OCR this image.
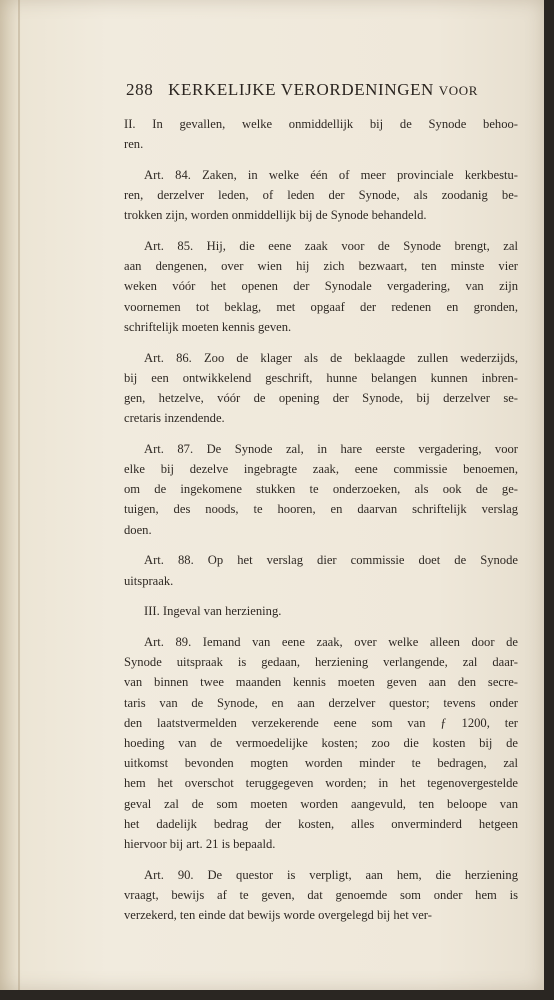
288 KERKELIJKE VERORDENINGEN VOOR
II. In gevallen, welke onmiddellijk bij de Synode behoo-
ren.
Art. 84. Zaken, in welke één of meer provinciale kerkbestu-
ren, derzelver leden, of leden der Synode, als zoodanig be-
trokken zijn, worden onmiddellijk bij de Synode behandeld.
Art. 85. Hij, die eene zaak voor de Synode brengt, zal
aan dengenen, over wien hij zich bezwaart, ten minste vier
weken vóór het openen der Synodale vergadering, van zijn
voornemen tot beklag, met opgaaf der redenen en gronden,
schriftelijk moeten kennis geven.
Art. 86. Zoo de klager als de beklaagde zullen wederzijds,
bij een ontwikkelend geschrift, hunne belangen kunnen inbren-
gen, hetzelve, vóór de opening der Synode, bij derzelver se-
cretaris inzendende.
Art. 87. De Synode zal, in hare eerste vergadering, voor
elke bij dezelve ingebragte zaak, eene commissie benoemen,
om de ingekomene stukken te onderzoeken, als ook de ge-
tuigen, des noods, te hooren, en daarvan schriftelijk verslag
doen.
Art. 88. Op het verslag dier commissie doet de Synode
uitspraak.
III. Ingeval van herziening.
Art. 89. Iemand van eene zaak, over welke alleen door de
Synode uitspraak is gedaan, herziening verlangende, zal daar-
van binnen twee maanden kennis moeten geven aan den secre-
taris van de Synode, en aan derzelver questor; tevens onder
den laatstvermelden verzekerende eene som van ƒ 1200, ter
hoeding van de vermoedelijke kosten; zoo die kosten bij de
uitkomst bevonden mogten worden minder te bedragen, zal
hem het overschot teruggegeven worden; in het tegenovergestelde
geval zal de som moeten worden aangevuld, ten beloope van
het dadelijk bedrag der kosten, alles onverminderd hetgeen
hiervoor bij art. 21 is bepaald.
Art. 90. De questor is verpligt, aan hem, die herziening
vraagt, bewijs af te geven, dat genoemde som onder hem is
verzekerd, ten einde dat bewijs worde overgelegd bij het ver-
